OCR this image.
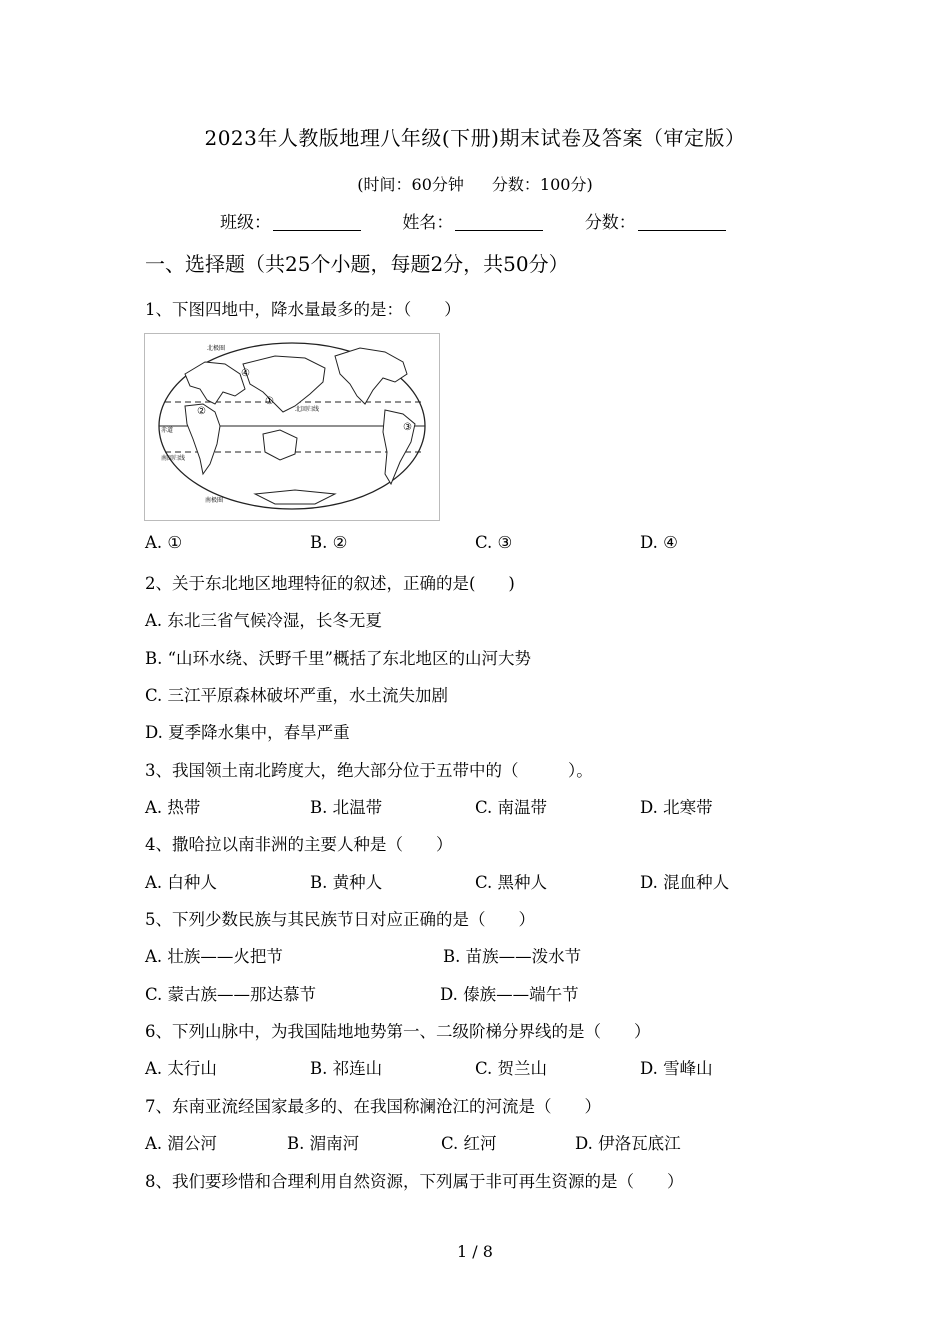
2023年人教版地理八年级(下册)期末试卷及答案（审定版）
(时间：60分钟 分数：100分)
班级：	姓名：	分数：
一、选择题（共25个小题，每题2分，共50分）
1、下图四地中，降水量最多的是：（　　）
①
②
③
④
北回归线
赤道
南回归线
南极圈
北极圈
A. ①	B. ②	C. ③	D. ④
2、关于东北地区地理特征的叙述，正确的是(　　)
A. 东北三省气候冷湿，长冬无夏
B. “山环水绕、沃野千里”概括了东北地区的山河大势
C. 三江平原森林破坏严重，水土流失加剧
D. 夏季降水集中，春旱严重
3、我国领土南北跨度大，绝大部分位于五带中的（　　　）。
A. 热带	B. 北温带	C. 南温带	D. 北寒带
4、撒哈拉以南非洲的主要人种是（　　）
A. 白种人	B. 黄种人	C. 黑种人	D. 混血种人
5、下列少数民族与其民族节日对应正确的是（　　）
A. 壮族——火把节	B. 苗族——泼水节
C. 蒙古族——那达慕节	D. 傣族——端午节
6、下列山脉中，为我国陆地地势第一、二级阶梯分界线的是（　　）
A. 太行山	B. 祁连山	C. 贺兰山	D. 雪峰山
7、东南亚流经国家最多的、在我国称澜沧江的河流是（　　）
A. 湄公河	B. 湄南河	C. 红河	D. 伊洛瓦底江
8、我们要珍惜和合理利用自然资源，下列属于非可再生资源的是（　　）
1 / 8
